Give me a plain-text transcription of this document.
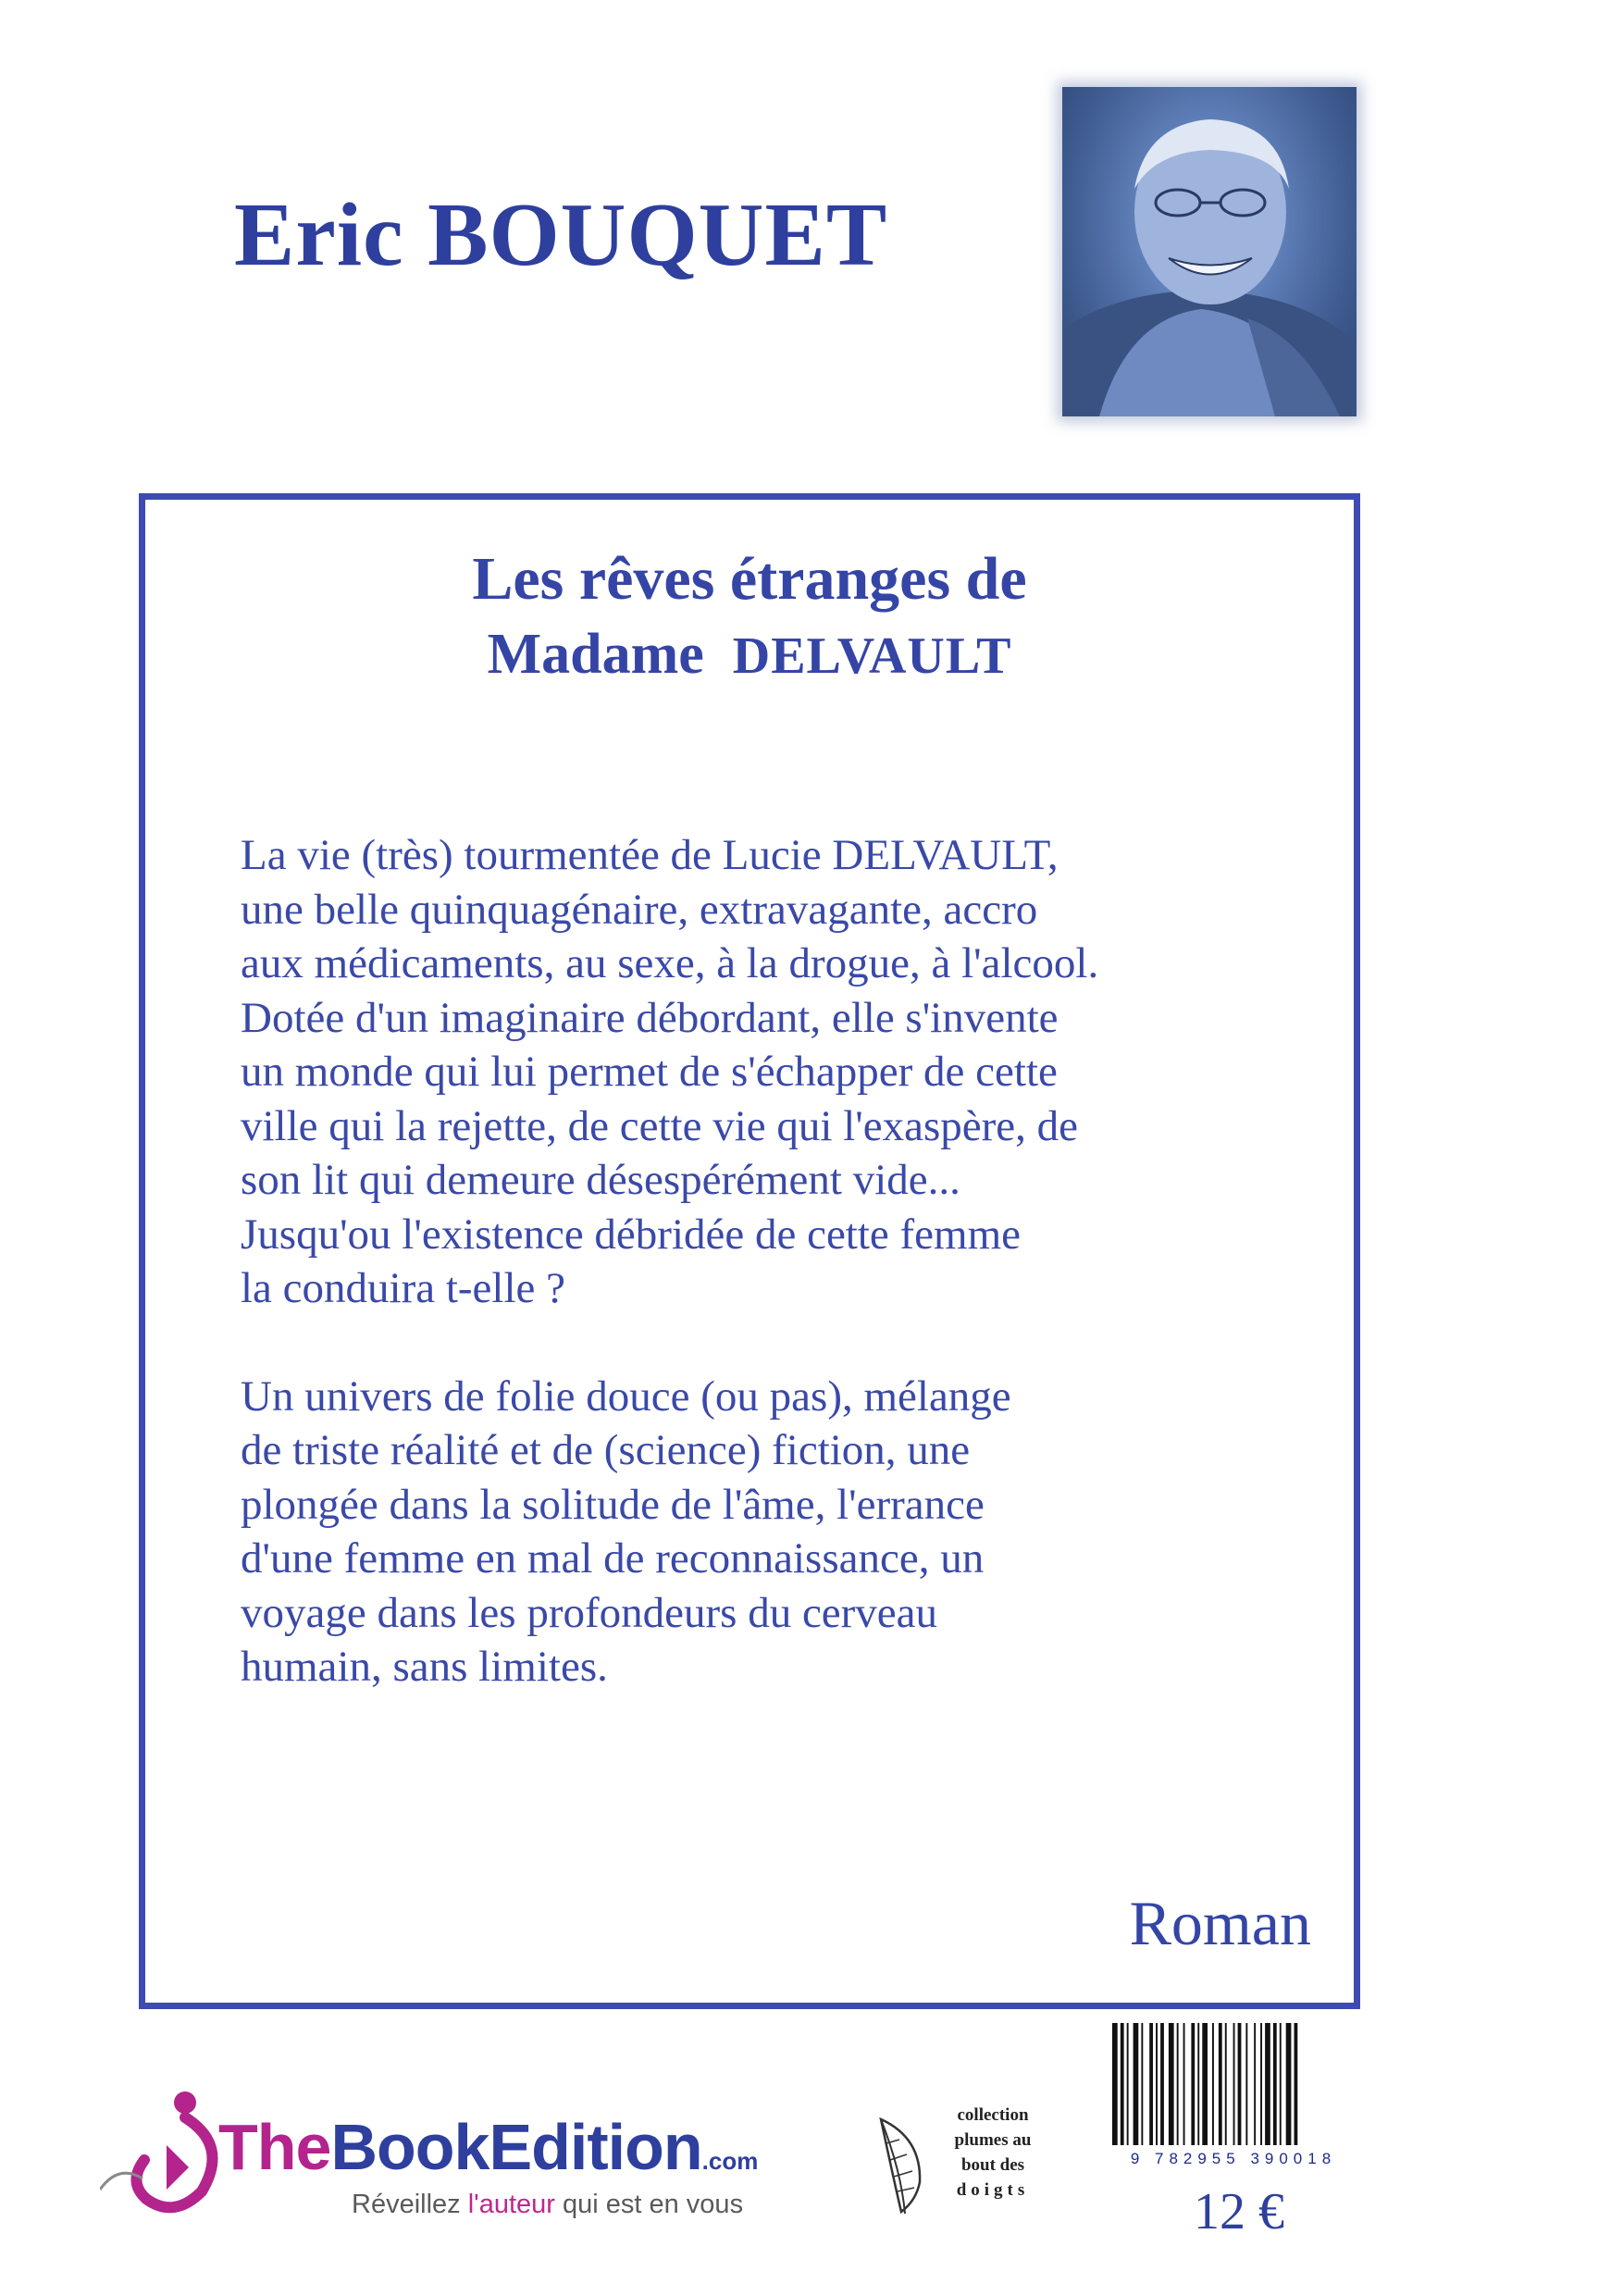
Eric BOUQUET
Les rêves étranges de
Madame DELVAULT

La vie (très) tourmentée de Lucie DELVAULT,
une belle quinquagénaire, extravagante, accro
aux médicaments, au sexe, à la drogue, à l'alcool.
Dotée d'un imaginaire débordant, elle s'invente
un monde qui lui permet de s'échapper de cette
ville qui la rejette, de cette vie qui l'exaspère, de
son lit qui demeure désespérément vide...
Jusqu'ou l'existence débridée de cette femme
la conduira t-elle ?

Un univers de folie douce (ou pas), mélange
de triste réalité et de (science) fiction, une
plongée dans la solitude de l'âme, l'errance
d'une femme en mal de reconnaissance, un
voyage dans les profondeurs du cerveau
humain, sans limites.

Roman

9 782955 390018

12 €

TheBookEdition.com

Réveillez l'auteur qui est en vous

collection
plumes au
bout des
doigts
